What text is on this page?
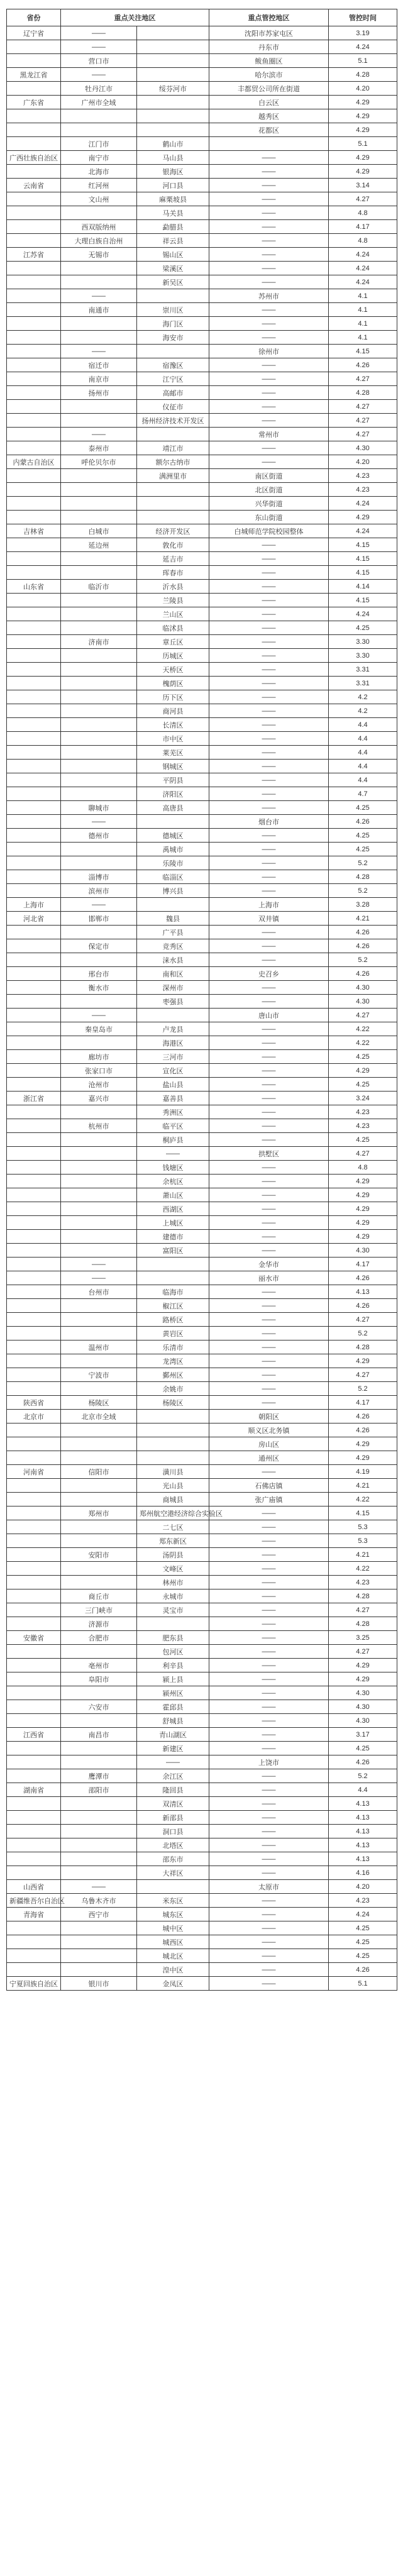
省份	重点关注地区		重点管控地区	管控时间
辽宁省	——		沈阳市苏家屯区	3.19
	——		丹东市	4.24
	营口市		鲅鱼圈区	5.1
黑龙江省	——		哈尔滨市	4.28
	牡丹江市	绥芬河市	丰都贸公司所在街道	4.20
广东省	广州市全域		白云区	4.29
			越秀区	4.29
			花都区	4.29
	江门市	鹤山市		5.1
广西壮族自治区	南宁市	马山县	——	4.29
	北海市	银海区	——	4.29
云南省	红河州	河口县	——	3.14
	文山州	麻栗坡县	——	4.27
		马关县	——	4.8
	西双版纳州	勐腊县	——	4.17
	大理白族自治州	祥云县	——	4.8
江苏省	无锡市	锡山区	——	4.24
		梁溪区	——	4.24
		新吴区	——	4.24
	——		苏州市	4.1
	南通市	崇川区	——	4.1
		海门区	——	4.1
		海安市	——	4.1
	——		徐州市	4.15
	宿迁市	宿豫区	——	4.26
	南京市	江宁区	——	4.27
	扬州市	高邮市	——	4.28
		仪征市	——	4.27
		扬州经济技术开发区	——	4.27
	——		常州市	4.27
	泰州市	靖江市	——	4.30
内蒙古自治区	呼伦贝尔市	额尔古纳市	——	4.20
		满洲里市	南区街道	4.23
			北区街道	4.23
			兴华街道	4.24
			东山街道	4.29
吉林省	白城市	经济开发区	白城师范学院校园整体	4.24
	延边州	敦化市	——	4.15
		延吉市	——	4.15
		珲春市	——	4.15
山东省	临沂市	沂水县	——	4.14
		兰陵县	——	4.15
		兰山区	——	4.24
		临沭县	——	4.25
	济南市	章丘区	——	3.30
		历城区	——	3.30
		天桥区	——	3.31
		槐荫区	——	3.31
		历下区	——	4.2
		商河县	——	4.2
		长清区	——	4.4
		市中区	——	4.4
		莱芜区	——	4.4
		钢城区	——	4.4
		平阴县	——	4.4
		济阳区	——	4.7
	聊城市	高唐县	——	4.25
	——		烟台市	4.26
	德州市	德城区	——	4.25
		禹城市	——	4.25
		乐陵市	——	5.2
	淄博市	临淄区	——	4.28
	滨州市	博兴县	——	5.2
上海市	——		上海市	3.28
河北省	邯郸市	魏县	双井镇	4.21
		广平县	——	4.26
	保定市	竞秀区	——	4.26
		涞水县	——	5.2
	邢台市	南和区	史召乡	4.26
	衡水市	深州市	——	4.30
		枣强县	——	4.30
	——		唐山市	4.27
	秦皇岛市	卢龙县	——	4.22
		海港区	——	4.22
	廊坊市	三河市	——	4.25
	张家口市	宣化区	——	4.29
	沧州市	盐山县	——	4.25
浙江省	嘉兴市	嘉善县	——	3.24
		秀洲区	——	4.23
	杭州市	临平区	——	4.23
		桐庐县	——	4.25
		——	拱墅区	4.27
		钱塘区	——	4.8
		余杭区	——	4.29
		萧山区	——	4.29
		西湖区	——	4.29
		上城区	——	4.29
		建德市	——	4.29
		富阳区	——	4.30
	——		金华市	4.17
	——		丽水市	4.26
	台州市	临海市	——	4.13
		椒江区	——	4.26
		路桥区	——	4.27
		黄岩区	——	5.2
	温州市	乐清市	——	4.28
		龙湾区	——	4.29
	宁波市	鄞州区	——	4.27
		余姚市	——	5.2
陕西省	杨陵区	杨陵区	——	4.17
北京市	北京市全域		朝阳区	4.26
			顺义区北务镇	4.26
			房山区	4.29
			通州区	4.29
河南省	信阳市	潢川县	——	4.19
		光山县	石佛店镇	4.21
		商城县	张广庙镇	4.22
	郑州市	郑州航空港经济综合实验区	——	4.15
		二七区	——	5.3
		郑东新区	——	5.3
	安阳市	汤阴县	——	4.21
		文峰区	——	4.22
		林州市	——	4.23
	商丘市	永城市	——	4.28
	三门峡市	灵宝市	——	4.27
	济源市		——	4.28
安徽省	合肥市	肥东县	——	3.25
		包河区	——	4.27
	亳州市	利辛县	——	4.29
	阜阳市	颍上县	——	4.29
		颍州区	——	4.30
	六安市	霍邱县	——	4.30
		舒城县	——	4.30
江西省	南昌市	青山湖区	——	3.17
		新建区	——	4.25
		——	上饶市	4.26
	鹰潭市	余江区	——	5.2
湖南省	邵阳市	隆回县	——	4.4
		双清区	——	4.13
		新邵县	——	4.13
		洞口县	——	4.13
		北塔区	——	4.13
		邵东市	——	4.13
		大祥区	——	4.16
山西省	——		太原市	4.20
新疆维吾尔自治区	乌鲁木齐市	米东区	——	4.23
青海省	西宁市	城东区	——	4.24
		城中区	——	4.25
		城西区	——	4.25
		城北区	——	4.25
		湟中区	——	4.26
宁夏回族自治区	银川市	金凤区	——	5.1
